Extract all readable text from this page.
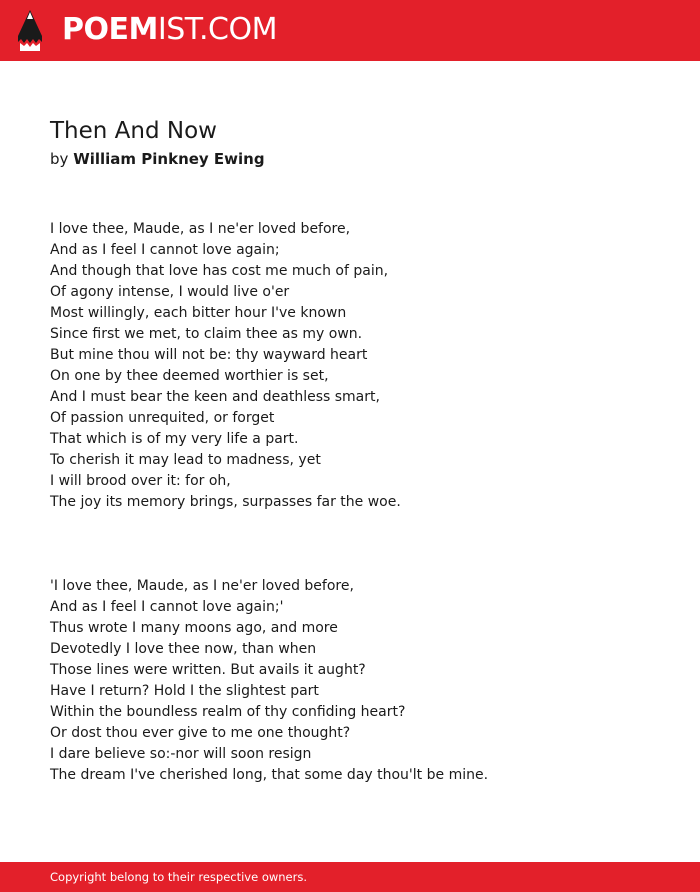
POEMIST.COM
Then And Now
by William Pinkney Ewing
I love thee, Maude, as I ne'er loved before,
And as I feel I cannot love again;
And though that love has cost me much of pain,
Of agony intense, I would live o'er
Most willingly, each bitter hour I've known
Since first we met, to claim thee as my own.
But mine thou will not be: thy wayward heart
On one by thee deemed worthier is set,
And I must bear the keen and deathless smart,
Of passion unrequited, or forget
That which is of my very life a part.
To cherish it may lead to madness, yet
I will brood over it: for oh,
The joy its memory brings, surpasses far the woe.
'I love thee, Maude, as I ne'er loved before,
And as I feel I cannot love again;'
Thus wrote I many moons ago, and more
Devotedly I love thee now, than when
Those lines were written. But avails it aught?
Have I return? Hold I the slightest part
Within the boundless realm of thy confiding heart?
Or dost thou ever give to me one thought?
I dare believe so:-nor will soon resign
The dream I've cherished long, that some day thou'lt be mine.
Copyright belong to their respective owners.
